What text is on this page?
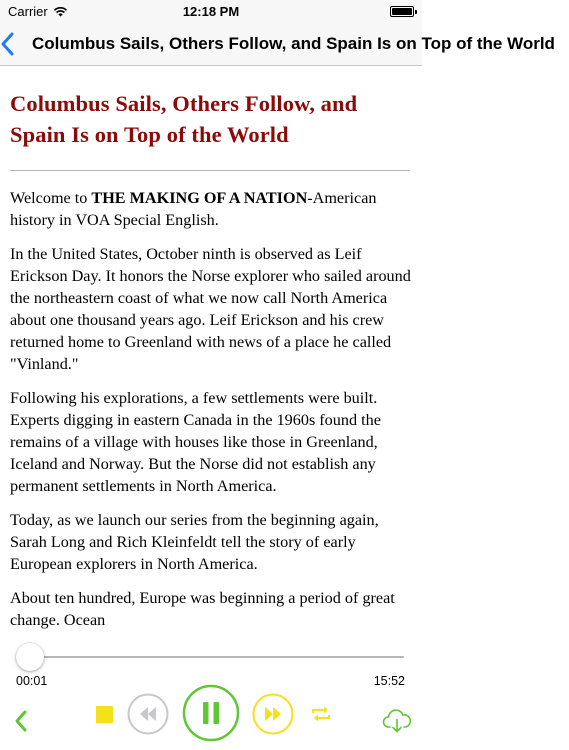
Carrier	12:18 PM
Columbus Sails, Others Follow, and Spain Is on Top of the World
Columbus Sails, Others Follow, and Spain Is on Top of the World

Welcome to THE MAKING OF A NATION-American history in VOA Special English.

In the United States, October ninth is observed as Leif Erickson Day. It honors the Norse explorer who sailed around the northeastern coast of what we now call North America about one thousand years ago. Leif Erickson and his crew returned home to Greenland with news of a place he called "Vinland."

Following his explorations, a few settlements were built. Experts digging in eastern Canada in the 1960s found the remains of a village with houses like those in Greenland, Iceland and Norway. But the Norse did not establish any permanent settlements in North America.

Today, as we launch our series from the beginning again, Sarah Long and Rich Kleinfeldt tell the story of early European explorers in North America.

About ten hundred, Europe was beginning a period of great change. Ocean

00:01	15:52
